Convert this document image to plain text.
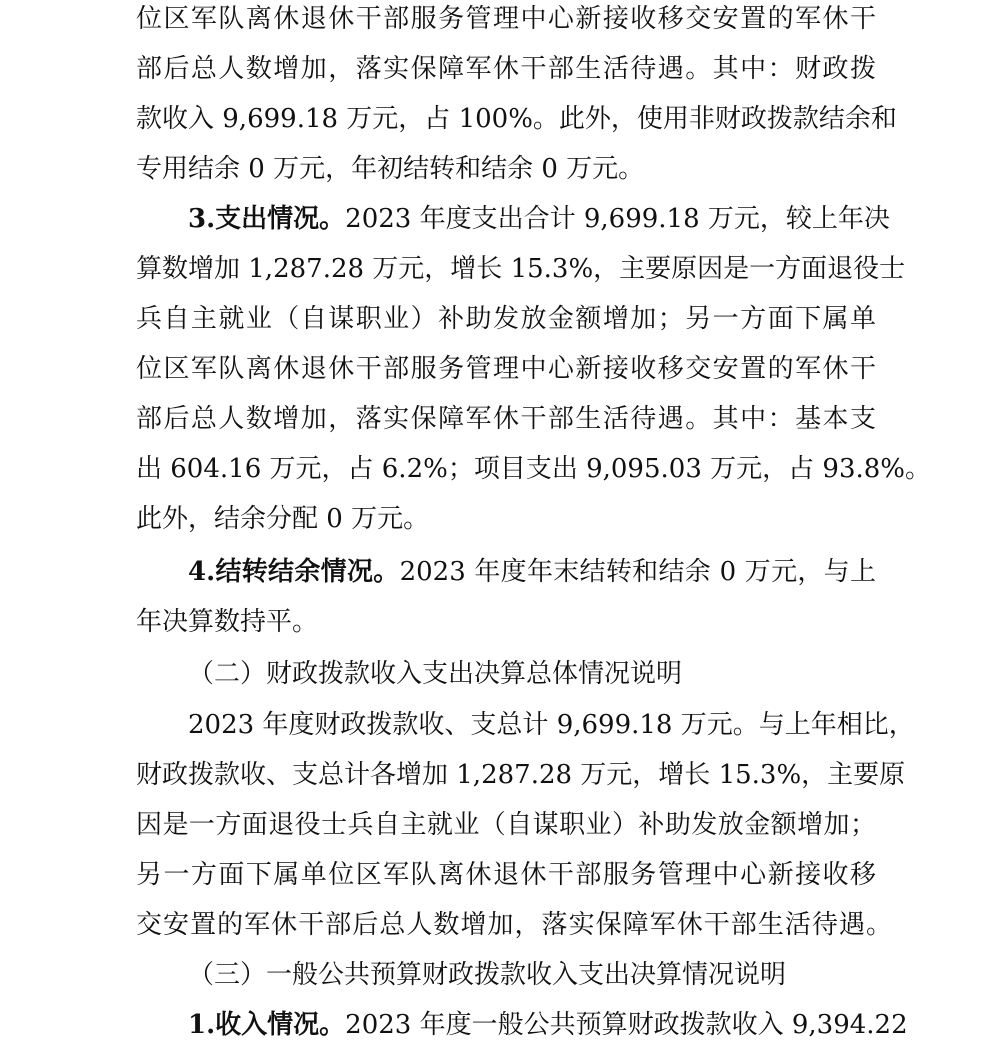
位区军队离休退休干部服务管理中心新接收移交安置的军休干
部后总人数增加，落实保障军休干部生活待遇。其中：财政拨
款收入 9,699.18 万元，占 100%。此外，使用非财政拨款结余和
专用结余 0 万元，年初结转和结余 0 万元。
3.支出情况。2023 年度支出合计 9,699.18 万元，较上年决
算数增加 1,287.28 万元，增长 15.3%，主要原因是一方面退役士
兵自主就业（自谋职业）补助发放金额增加；另一方面下属单
位区军队离休退休干部服务管理中心新接收移交安置的军休干
部后总人数增加，落实保障军休干部生活待遇。其中：基本支
出 604.16 万元，占 6.2%；项目支出 9,095.03 万元，占 93.8%。
此外，结余分配 0 万元。
4.结转结余情况。2023 年度年末结转和结余 0 万元，与上
年决算数持平。
（二）财政拨款收入支出决算总体情况说明
2023 年度财政拨款收、支总计 9,699.18 万元。与上年相比，
财政拨款收、支总计各增加 1,287.28 万元，增长 15.3%，主要原
因是一方面退役士兵自主就业（自谋职业）补助发放金额增加；
另一方面下属单位区军队离休退休干部服务管理中心新接收移
交安置的军休干部后总人数增加，落实保障军休干部生活待遇。
（三）一般公共预算财政拨款收入支出决算情况说明
1.收入情况。2023 年度一般公共预算财政拨款收入 9,394.22
